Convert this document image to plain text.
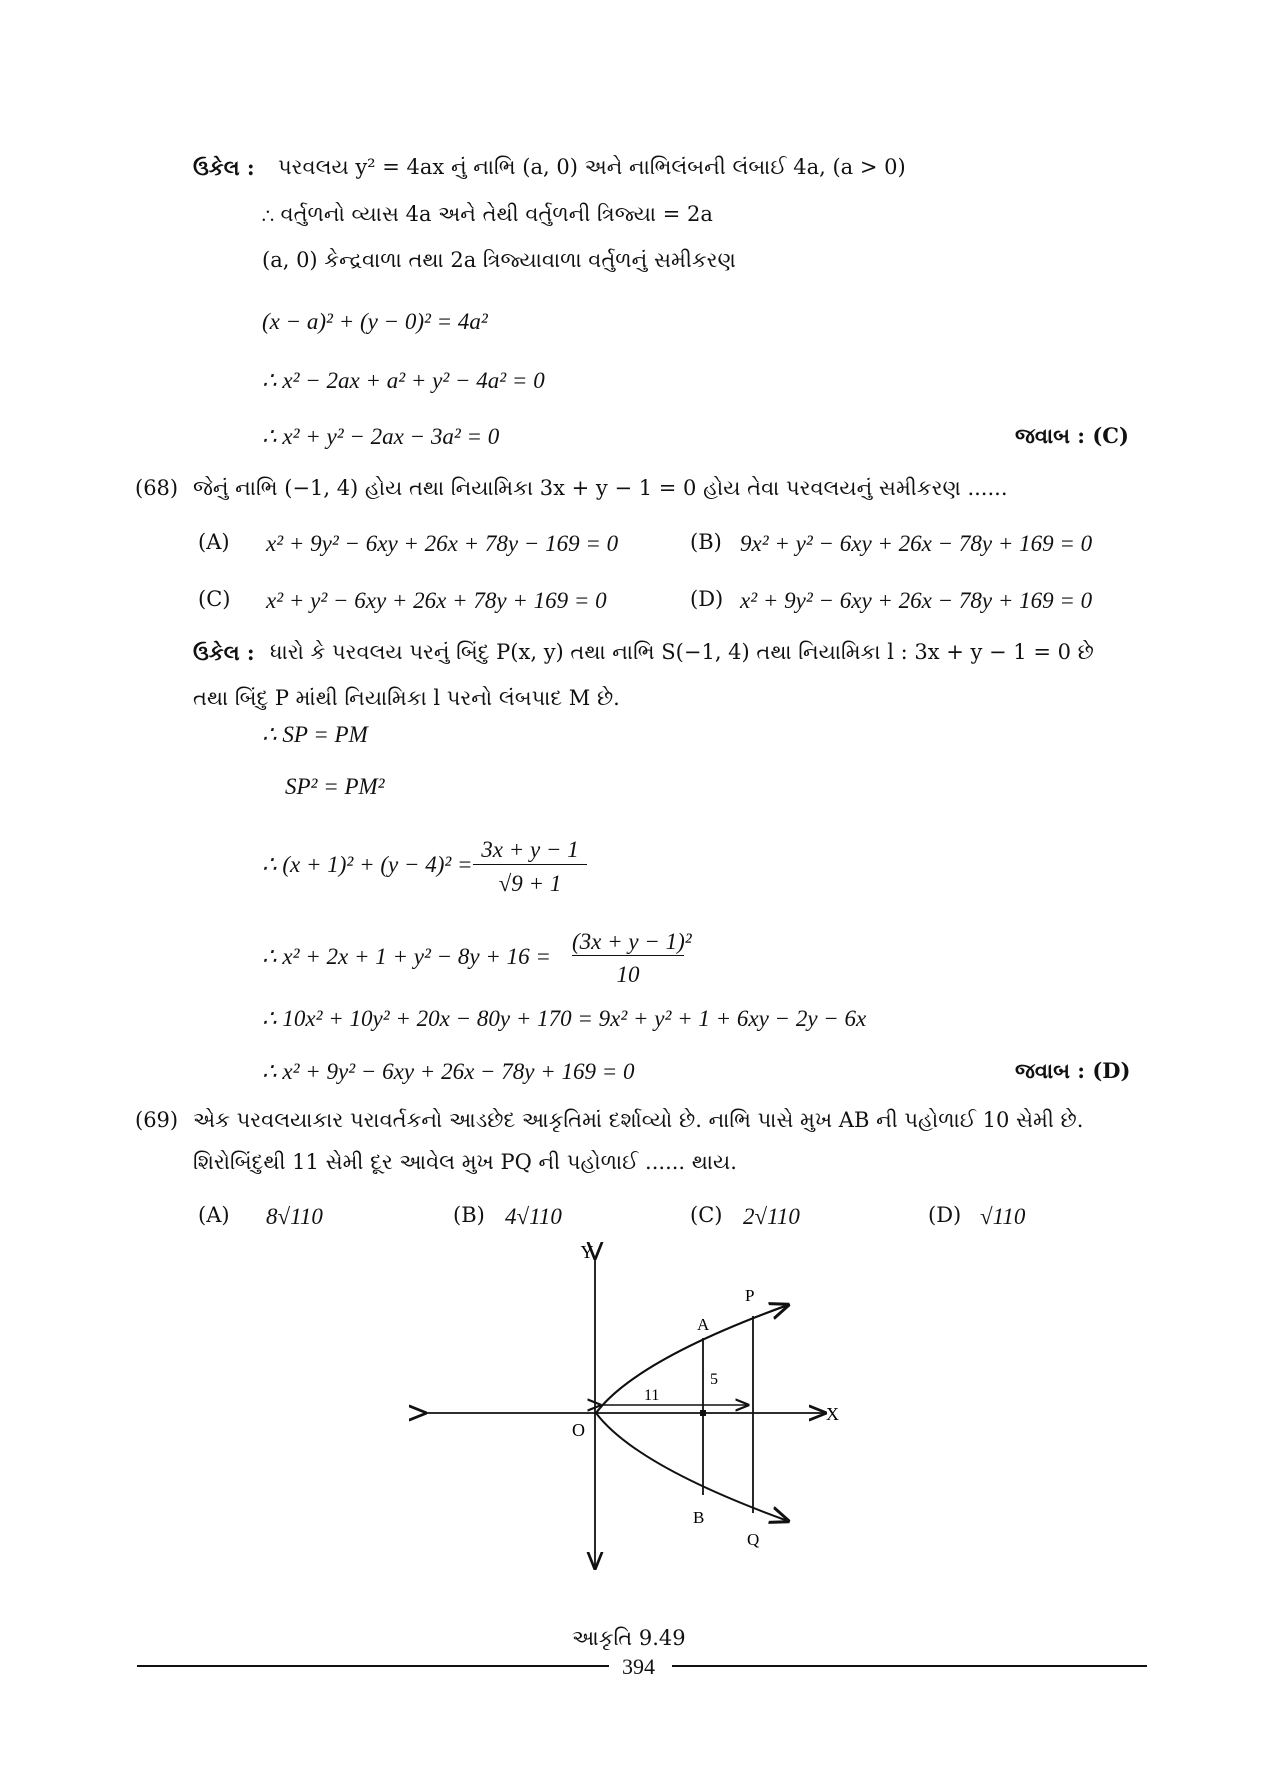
ઉકેલ : પરવલય y² = 4ax નું નાભિ (a, 0) અને નાભિલંબની લંબાઈ 4a, (a > 0)
∴ વર્તુળનો વ્યાસ 4a અને તેથી વર્તુળની ત્રિજ્યા = 2a
(a, 0) કેન્દ્રવાળા તથા 2a ત્રિજ્યાવાળા વર્તુળનું સમીકરણ
(x − a)² + (y − 0)² = 4a²
∴ x² − 2ax + a² + y² − 4a² = 0
∴ x² + y² − 2ax − 3a² = 0	જવાબ : (C)
(68) જેનું નાભિ (−1, 4) હોય તથા નિયામિકા 3x + y − 1 = 0 હોય તેવા પરવલયનું સમીકરણ ......
(A) x² + 9y² − 6xy + 26x + 78y − 169 = 0	(B) 9x² + y² − 6xy + 26x − 78y + 169 = 0
(C) x² + y² − 6xy + 26x + 78y + 169 = 0	(D) x² + 9y² − 6xy + 26x − 78y + 169 = 0
ઉકેલ : ધારો કે પરવલય પરનું બિંદુ P(x, y) તથા નાભિ S(−1, 4) તથા નિયામિકા l : 3x + y − 1 = 0 છે
તથા બિંદુ P માંથી નિયામિકા l પરનો લંબપાદ M છે.
∴ SP = PM
SP² = PM²
∴ (x + 1)² + (y − 4)² =
3x + y − 1
√9 + 1
∴ x² + 2x + 1 + y² − 8y + 16 =
(3x + y − 1)²
10
∴ 10x² + 10y² + 20x − 80y + 170 = 9x² + y² + 1 + 6xy − 2y − 6x
∴ x² + 9y² − 6xy + 26x − 78y + 169 = 0	જવાબ : (D)
(69) એક પરવલયાકાર પરાવર્તકનો આડછેદ આકૃતિમાં દર્શાવ્યો છે. નાભિ પાસે મુખ AB ની પહોળાઈ 10 સેમી છે.
શિરોબિંદુથી 11 સેમી દૂર આવેલ મુખ PQ ની પહોળાઈ ...... થાય.
(A) 8√110	(B) 4√110	(C) 2√110	(D) √110
Y
X
O
A
B
P
Q
5
11
આકૃતિ 9.49
394
